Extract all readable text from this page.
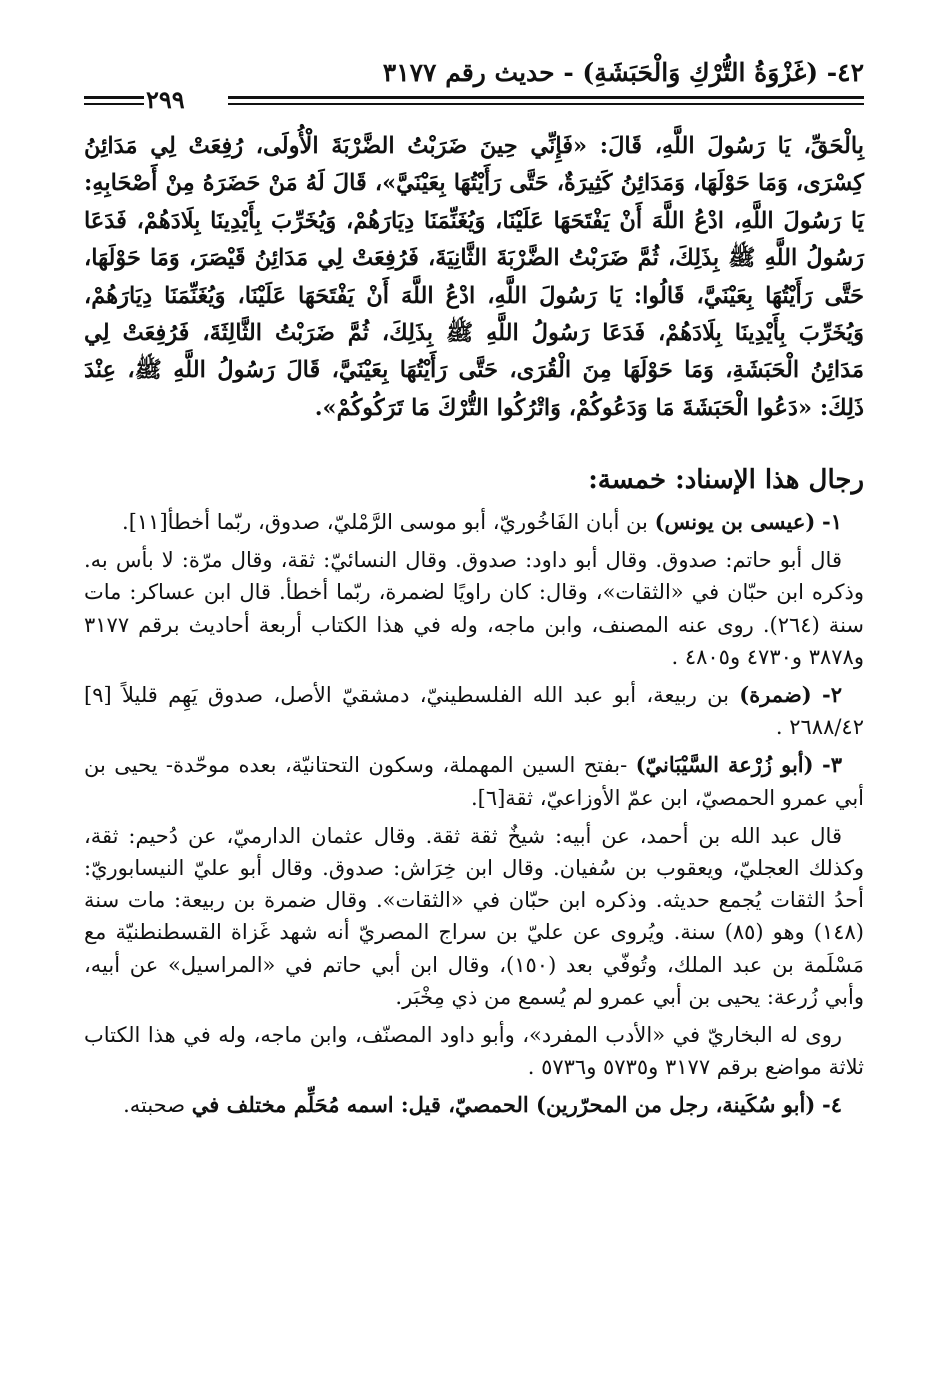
٤٢- (غَزْوَةُ التُّرْكِ وَالْحَبَشَةِ) - حديث رقم ٣١٧٧
٢٩٩
بِالْحَقِّ، يَا رَسُولَ اللَّهِ، قَالَ: «فَإِنِّي حِينَ ضَرَبْتُ الضَّرْبَةَ الْأُولَى، رُفِعَتْ لِي مَدَائِنُ كِسْرَى، وَمَا حَوْلَهَا، وَمَدَائِنُ كَثِيرَةٌ، حَتَّى رَأَيْتُهَا بِعَيْنَيَّ»، قَالَ لَهُ مَنْ حَضَرَهُ مِنْ أَصْحَابِهِ: يَا رَسُولَ اللَّهِ، ادْعُ اللَّهَ أَنْ يَفْتَحَهَا عَلَيْنَا، وَيُغَنِّمَنَا دِيَارَهُمْ، وَيُخَرِّبَ بِأَيْدِينَا بِلَادَهُمْ، فَدَعَا رَسُولُ اللَّهِ ﷺ بِذَلِكَ، ثُمَّ ضَرَبْتُ الضَّرْبَةَ الثَّانِيَةَ، فَرُفِعَتْ لِي مَدَائِنُ قَيْصَرَ، وَمَا حَوْلَهَا، حَتَّى رَأَيْتُهَا بِعَيْنَيَّ، قَالُوا: يَا رَسُولَ اللَّهِ، ادْعُ اللَّهَ أَنْ يَفْتَحَهَا عَلَيْنَا، وَيُغَنِّمَنَا دِيَارَهُمْ، وَيُخَرِّبَ بِأَيْدِينَا بِلَادَهُمْ، فَدَعَا رَسُولُ اللَّهِ ﷺ بِذَلِكَ، ثُمَّ ضَرَبْتُ الثَّالِثَةَ، فَرُفِعَتْ لِي مَدَائِنُ الْحَبَشَةِ، وَمَا حَوْلَهَا مِنَ الْقُرَى، حَتَّى رَأَيْتُهَا بِعَيْنَيَّ، قَالَ رَسُولُ اللَّهِ ﷺ، عِنْدَ ذَلِكَ: «دَعُوا الْحَبَشَةَ مَا وَدَعُوكُمْ، وَاتْرُكُوا التُّرْكَ مَا تَرَكُوكُمْ».
رجال هذا الإسناد: خمسة:

١- (عيسى بن يونس) بن أبان الفَاخُوريّ، أبو موسى الرَّمْليّ، صدوق، ربّما أخطأ[١١].

قال أبو حاتم: صدوق. وقال أبو داود: صدوق. وقال النسائيّ: ثقة، وقال مرّة: لا بأس به. وذكره ابن حبّان في «الثقات»، وقال: كان راويًا لضمرة، ربّما أخطأ. قال ابن عساكر: مات سنة (٢٦٤). روى عنه المصنف، وابن ماجه، وله في هذا الكتاب أربعة أحاديث برقم ٣١٧٧ و٣٨٧٨ و٤٧٣٠ و٤٨٠٥ .

٢- (ضمرة) بن ربيعة، أبو عبد الله الفلسطينيّ، دمشقيّ الأصل، صدوق يَهِم قليلاً [٩] ٢٦٨٨/٤٢ .

٣- (أبو زُرْعة السَّيْبَانيّ) -بفتح السين المهملة، وسكون التحتانيّة، بعده موحّدة- يحيى بن أبي عمرو الحمصيّ، ابن عمّ الأوزاعيّ، ثقة[٦].

قال عبد الله بن أحمد، عن أبيه: شيخٌ ثقة ثقة. وقال عثمان الدارميّ، عن دُحيم: ثقة، وكذلك العجليّ، ويعقوب بن سُفيان. وقال ابن خِرَاش: صدوق. وقال أبو عليّ النيسابوريّ: أحدُ الثقات يُجمع حديثه. وذكره ابن حبّان في «الثقات». وقال ضمرة بن ربيعة: مات سنة (١٤٨) وهو (٨٥) سنة. ويُروى عن عليّ بن سراج المصريّ أنه شهد غَزاة القسطنطنيّة مع مَسْلَمة بن عبد الملك، وتُوفّي بعد (١٥٠)، وقال ابن أبي حاتم في «المراسيل» عن أبيه، وأبي زُرعة: يحيى بن أبي عمرو لم يُسمع من ذي مِخْبَر.

روى له البخاريّ في «الأدب المفرد»، وأبو داود المصنّف، وابن ماجه، وله في هذا الكتاب ثلاثة مواضع برقم ٣١٧٧ و٥٧٣٥ و٥٧٣٦ .

٤- (أبو سُكَينة، رجل من المحرّرين) الحمصيّ، قيل: اسمه مُحَلِّم مختلف في صحبته.
